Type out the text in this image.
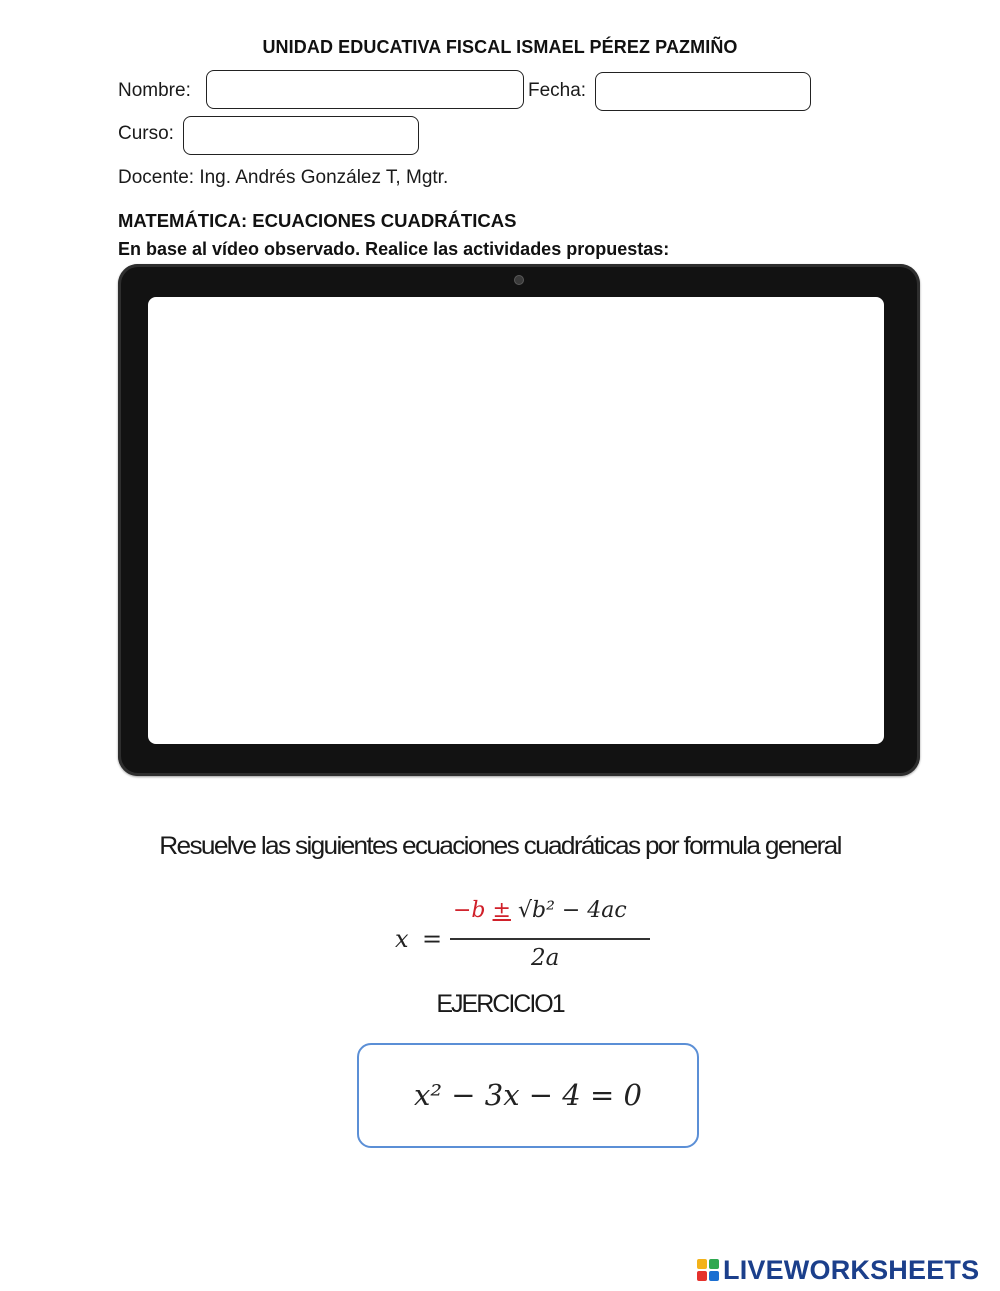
UNIDAD EDUCATIVA FISCAL ISMAEL PÉREZ PAZMIÑO
Nombre:	Fecha:
Curso:
Docente: Ing. Andrés González T, Mgtr.
MATEMÁTICA: ECUACIONES CUADRÁTICAS
En base al vídeo observado. Realice las actividades propuestas:
Resuelve las siguientes ecuaciones cuadráticas por formula general
x =
−b ± √b² − 4ac
2a
EJERCICIO1
x² − 3x − 4 = 0
LIVEWORKSHEETS
